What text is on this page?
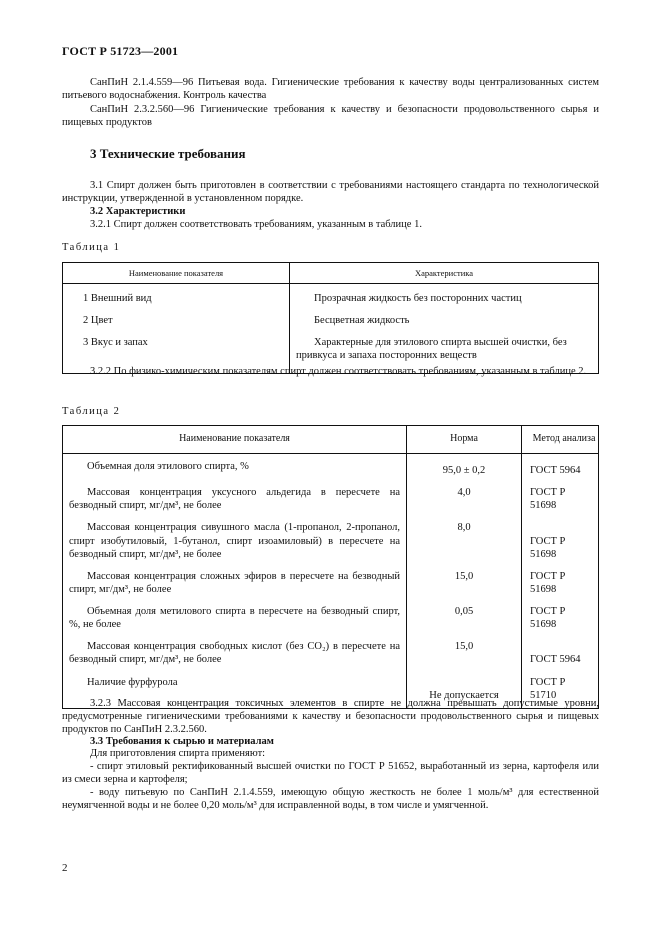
ГОСТ Р 51723—2001
СанПиН 2.1.4.559—96 Питьевая вода. Гигиенические требования к качеству воды централизованных систем питьевого водоснабжения. Контроль качества
СанПиН 2.3.2.560—96 Гигиенические требования к качеству и безопасности продовольственного сырья и пищевых продуктов
3 Технические требования
3.1 Спирт должен быть приготовлен в соответствии с требованиями настоящего стандарта по технологической инструкции, утвержденной в установленном порядке.
3.2 Характеристики
3.2.1 Спирт должен соответствовать требованиям, указанным в таблице 1.
Таблица 1
Наименование показателя	Характеристика
1 Внешний вид	Прозрачная жидкость без посторонних частиц
2 Цвет	Бесцветная жидкость
3 Вкус и запах	Характерные для этилового спирта высшей очистки, без привкуса и запаха посторонних веществ
3.2.2 По физико-химическим показателям спирт должен соответствовать требованиям, указанным в таблице 2.
Таблица 2
Наименование показателя	Норма	Метод анализа
Объемная доля этилового спирта, %	95,0 ± 0,2	ГОСТ 5964
Массовая концентрация уксусного альдегида в пересчете на безводный спирт, мг/дм³, не более	4,0	ГОСТ Р 51698
Массовая концентрация сивушного масла (1-пропанол, 2-пропанол, спирт изобутиловый, 1-бутанол, спирт изоамиловый) в пересчете на безводный спирт, мг/дм³, не более	8,0	ГОСТ Р 51698
Массовая концентрация сложных эфиров в пересчете на безводный спирт, мг/дм³, не более	15,0	ГОСТ Р 51698
Объемная доля метилового спирта в пересчете на безводный спирт, %, не более	0,05	ГОСТ Р 51698
Массовая концентрация свободных кислот (без CO₂) в пересчете на безводный спирт, мг/дм³, не более	15,0	ГОСТ 5964
Наличие фурфурола	Не допускается	ГОСТ Р 51710
3.2.3 Массовая концентрация токсичных элементов в спирте не должна превышать допустимые уровни, предусмотренные гигиеническими требованиями к качеству и безопасности продовольственного сырья и пищевых продуктов по СанПиН 2.3.2.560.
3.3 Требования к сырью и материалам
Для приготовления спирта применяют:
- спирт этиловый ректификованный высшей очистки по ГОСТ Р 51652, выработанный из зерна, картофеля или из смеси зерна и картофеля;
- воду питьевую по СанПиН 2.1.4.559, имеющую общую жесткость не более 1 моль/м³ для естественной неумягченной воды и не более 0,20 моль/м³ для исправленной воды, в том числе и умягченной.
2
